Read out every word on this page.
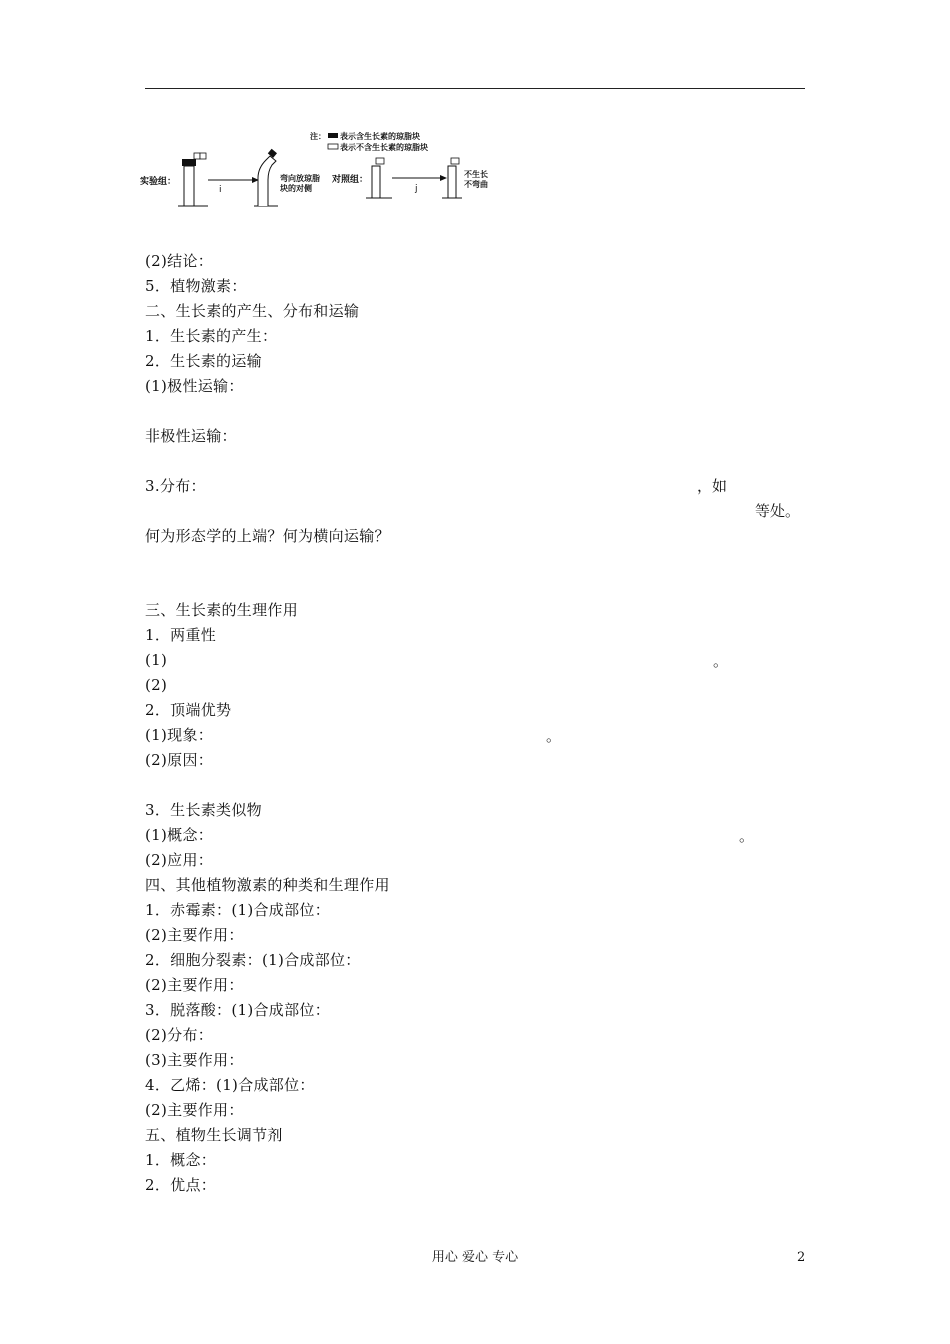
注： 表示含生长素的琼脂块
表示不含生长素的琼脂块
实验组：
i
弯向放琼脂
块的对侧
对照组：
j
不生长
不弯曲
(2)结论：
5．植物激素：
二、生长素的产生、分布和运输
1．生长素的产生：
2．生长素的运输
(1)极性运输：
非极性运输：
3.分布：	，如
等处。
何为形态学的上端？何为横向运输？
三、生长素的生理作用
1．两重性
(1)	。
(2)
2．顶端优势
(1)现象：	。
(2)原因：
3．生长素类似物
(1)概念：	。
(2)应用：
四、其他植物激素的种类和生理作用
1．赤霉素：(1)合成部位：
(2)主要作用：
2．细胞分裂素：(1)合成部位：
(2)主要作用：
3．脱落酸：(1)合成部位：
(2)分布：
(3)主要作用：
4．乙烯：(1)合成部位：
(2)主要作用：
五、植物生长调节剂
1．概念：
2．优点：
用心 爱心 专心	2
